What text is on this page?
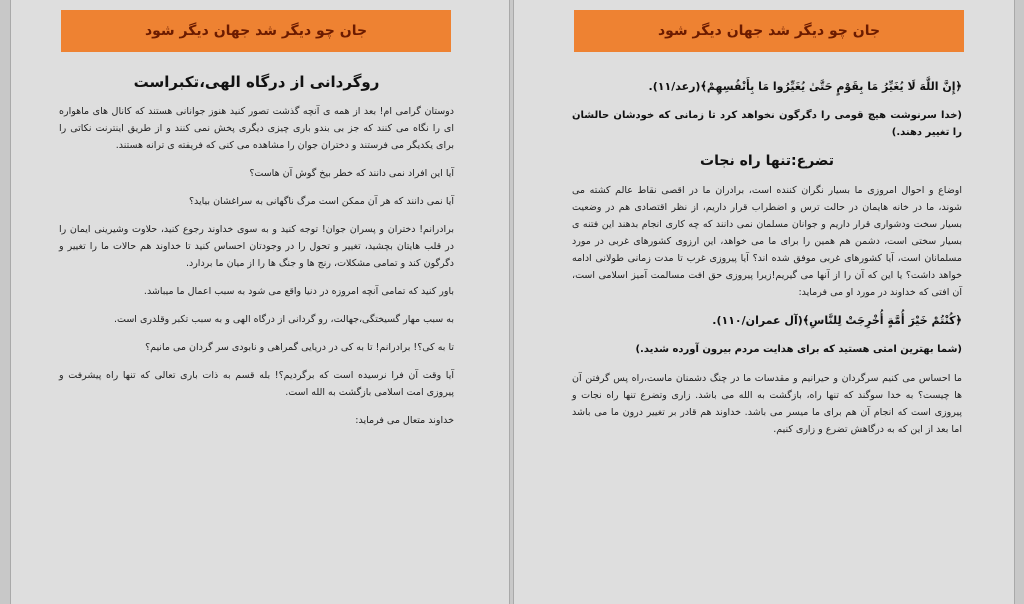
جان چو دیگر شد جهان دیگر شود
روگردانی از درگاه الهی،تکبراست

دوستان گرامی ام! بعد از همه ی آنچه گذشت تصور کنید هنوز جوانانی هستند که کانال های ماهواره ای را نگاه می کنند که جز بی بندو باری چیزی دیگری پخش نمی کنند و از طریق اینترنت نکاتی را برای یکدیگر می فرستند و دختران جوان را مشاهده می کنی که فریفته ی ترانه هستند.

آیا این افراد نمی دانند که خطر بیخ گوش آن هاست؟

آیا نمی دانند که هر آن ممکن است مرگ ناگهانی به سراغشان بیاید؟

برادرانم! دختران و پسران جوان! توجه کنید و به سوی خداوند رجوع کنید، حلاوت وشیرینی ایمان را در قلب هایتان بچشید، تغییر و تحول را در وجودتان احساس کنید تا خداوند هم حالات ما را تغییر و دگرگون کند و تمامی مشکلات، رنج ها و جنگ ها را از میان ما بردارد.

باور کنید که تمامی آنچه امروزه در دنیا واقع می شود به سبب اعمال ما میباشد.

به سبب مهار گسیختگی،جهالت، رو گردانی از درگاه الهی و به سبب تکبر وقلدری است.

تا به کی؟! برادرانم! تا به کی در دریایی گمراهی و نابودی سر گردان می مانیم؟

آیا وقت آن فرا نرسیده است که برگردیم؟! بله قسم به ذات باری تعالی که تنها راه پیشرفت و پیروزی امت اسلامی بازگشت به الله است.

خداوند متعال می فرماید:

جان چو دیگر شد جهان دیگر شود
﴿إِنَّ اللَّهَ لَا يُغَيِّرُ مَا بِقَوْمٍ حَتَّىٰ يُغَيِّرُوا مَا بِأَنْفُسِهِمْ﴾(رعد/۱۱).
(خدا سرنوشت هیچ قومی را دگرگون نخواهد کرد تا زمانی که خودشان حالشان را تغییر دهند.)
تضرع:تنها راه نجات

اوضاع و احوال امروزی ما بسیار نگران کننده است، برادران ما در اقصی نقاط عالم کشته می شوند، ما در خانه هایمان در حالت ترس و اضطراب قرار داریم، از نظر اقتصادی هم در وضعیت بسیار سخت ودشواری قرار داریم و جوانان مسلمان نمی دانند که چه کاری انجام بدهند این فتنه ی بسیار سختی است، دشمن هم همین را برای ما می خواهد، این ارزوی کشورهای غربی در مورد مسلمانان است، آیا کشورهای غربی موفق شده اند؟ آیا پیروزی غرب تا مدت زمانی طولانی ادامه خواهد داشت؟ یا این که آن را از آنها می گیریم!زیرا پیروزی حق افت مسالمت آمیز اسلامی است، آن افتی که خداوند در مورد او می فرماید:

﴿كُنْتُمْ خَيْرَ أُمَّةٍ أُخْرِجَتْ لِلنَّاسِ﴾(آل عمران/۱۱۰).
(شما بهترین امتی هستید که برای هدایت مردم بیرون آورده شدید.)

ما احساس می کنیم سرگردان و حیرانیم و مقدسات ما در چنگ دشمنان ماست،راه پس گرفتن آن ها چیست؟ به خدا سوگند که تنها راه، بازگشت به الله می باشد. زاری وتضرع تنها راه نجات و پیروزی است که انجام آن هم برای ما میسر می باشد. خداوند هم قادر بر تغییر درون ما می باشد اما بعد از این که به درگاهش تضرع و زاری کنیم.
